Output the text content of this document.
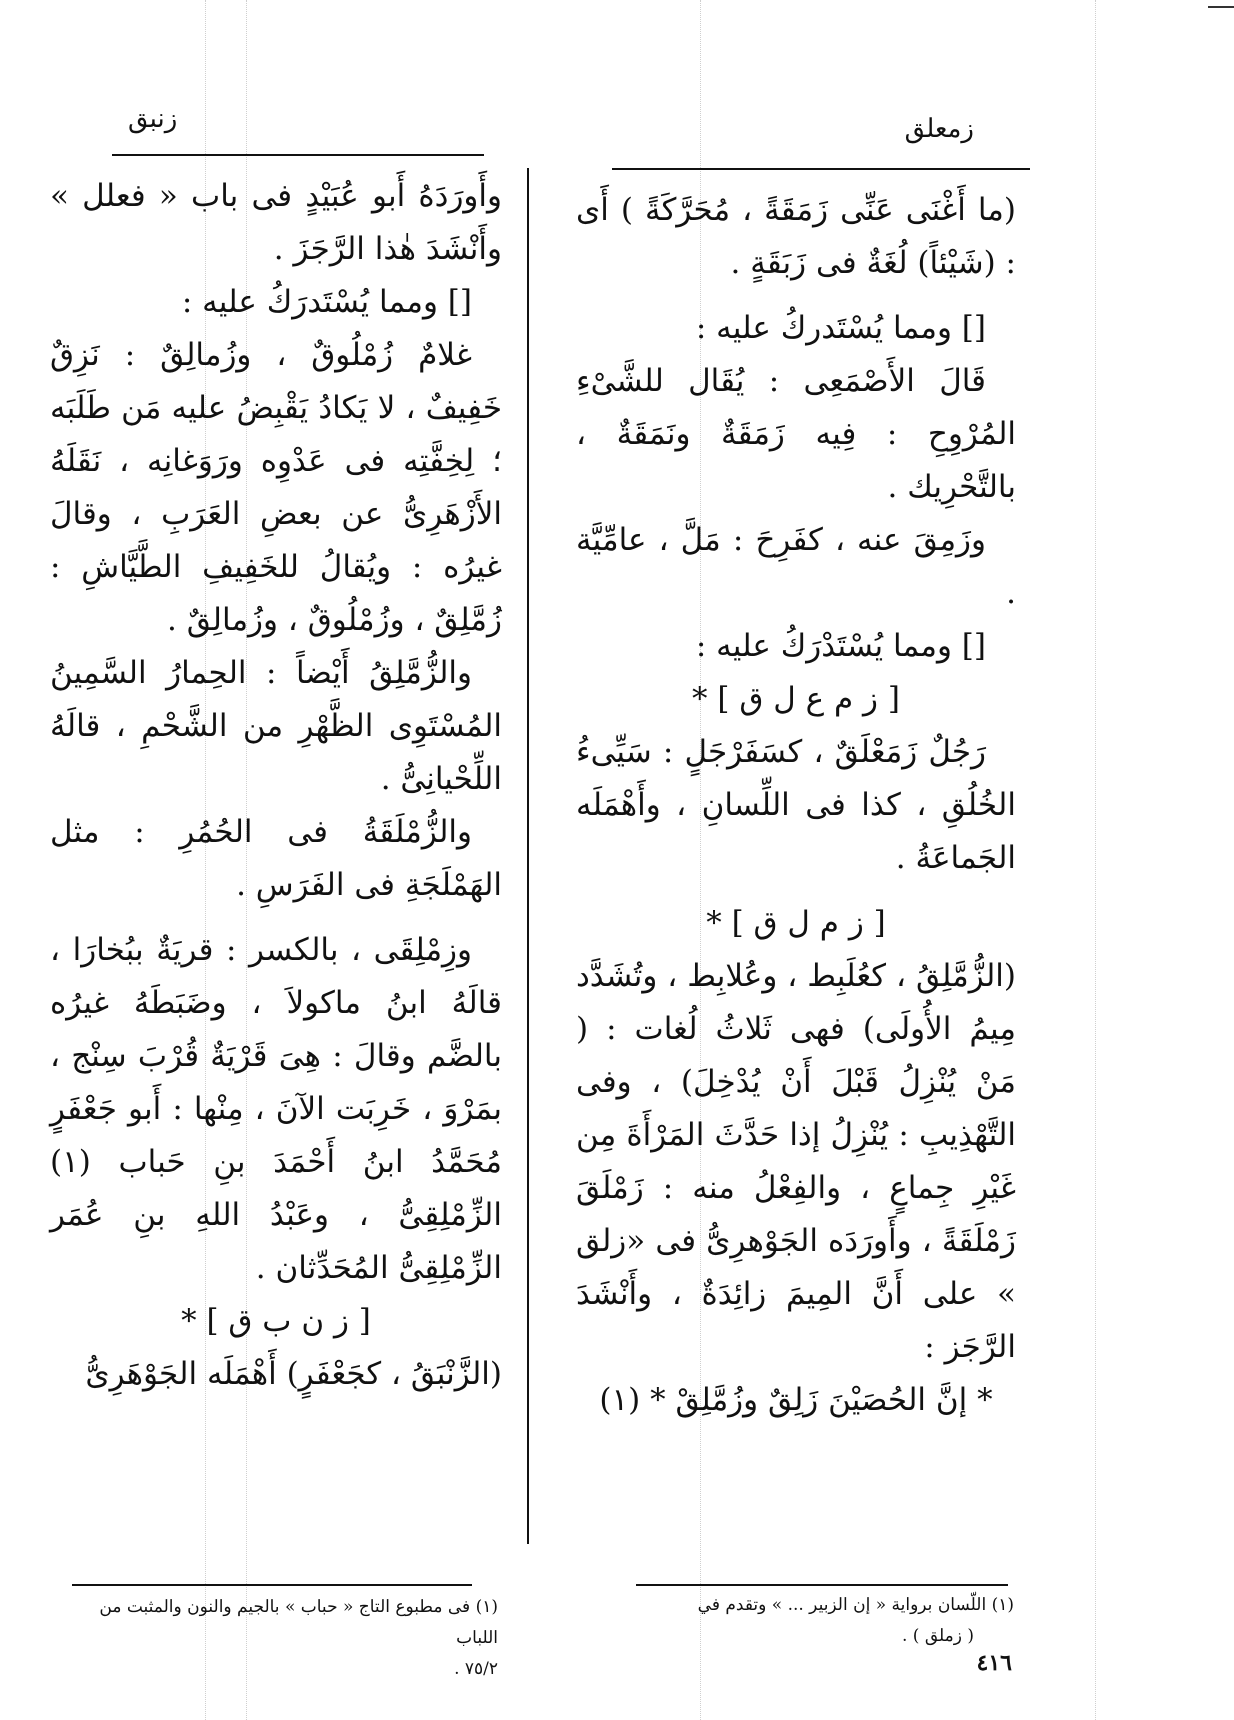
زمعلق
زنبق

(ما أَغْنَى عَنِّى زَمَقَةً ، مُحَرَّكَةً ) أَى : (شَيْئاً) لُغَةٌ فى زَبَقَةٍ .

[] ومما يُسْتَدركُ عليه :

قَالَ الأَصْمَعِى : يُقَال للشَّىْءِ المُرْوِحِ : فِيه زَمَقَةٌ ونَمَقَةٌ ، بالتَّحْرِيك .

وزَمِقَ عنه ، كفَرِحَ : مَلَّ ، عامِّيَّة .

[] ومما يُسْتَدْرَكُ عليه :

[ ز م ع ل ق ] *

رَجُلٌ زَمَعْلَقٌ ، كسَفَرْجَلٍ : سَيِّىءُ الخُلُقِ ، كذا فى اللِّسانِ ، وأَهْمَلَه الجَماعَةُ .

[ ز م ل ق ] *

(الزُّمَّلِقُ ، كعُلَبِط ، وعُلابِط ، وتُشَدَّد مِيمُ الأُولَى) فهى ثَلاثُ لُغات : ( مَنْ يُنْزِلُ قَبْلَ أَنْ يُدْخِلَ) ، وفى التَّهْذِيبِ : يُنْزِلُ إذا حَدَّثَ المَرْأَةَ مِن غَيْرِ جِماعٍ ، والفِعْلُ منه : زَمْلَقَ زَمْلَقَةً ، وأَورَدَه الجَوْهرِىُّ فى «زلق » على أَنَّ المِيمَ زائِدَةٌ ، وأَنْشَدَ الرَّجَز :

* إنَّ الحُصَيْنَ زَلِقٌ وزُمَّلِقْ * (١)

وأَورَدَهُ أَبو عُبَيْدٍ فى باب « فعلل » وأَنْشَدَ هٰذا الرَّجَزَ .

[] ومما يُسْتَدرَكُ عليه :

غلامٌ زُمْلُوقٌ ، وزُمالِقٌ : نَزِقٌ خَفِيفٌ ، لا يَكادُ يَقْبِضُ عليه مَن طَلَبَه ؛ لِخِفَّتِه فى عَدْوِه ورَوَغانِه ، نَقَلَهُ الأَزْهَرِىُّ عن بعضِ العَرَبِ ، وقالَ غيرُه : ويُقالُ للخَفِيفِ الطَّيَّاشِ : زُمَّلِقٌ ، وزُمْلُوقٌ ، وزُمالِقٌ .

والزُّمَّلِقُ أَيْضاً : الحِمارُ السَّمِينُ المُسْتَوِى الظَّهْرِ من الشَّحْمِ ، قالَهُ اللِّحْيانِىُّ .

والزُّمْلَقَةُ فى الحُمُرِ : مثل الهَمْلَجَةِ فى الفَرَسِ .

وزِمْلِقَى ، بالكسر : قريَةٌ ببُخارَا ، قالَهُ ابنُ ماكولاَ ، وضَبَطَهُ غيرُه بالضَّم وقالَ : هِىَ قَرْيَةٌ قُرْبَ سِنْج ، بمَرْوَ ، خَرِبَت الآنَ ، مِنْها : أَبو جَعْفَرٍ مُحَمَّدُ ابنُ أَحْمَدَ بنِ حَباب (١) الزِّمْلِقِىُّ ، وعَبْدُ اللهِ بنِ عُمَر الزِّمْلِقِىُّ المُحَدِّثان .

[ ز ن ب ق ] *

(الزَّنْبَقُ ، كجَعْفَرٍ) أَهْمَلَه الجَوْهَرِىُّ

(١) فى مطبوع التاج « حباب » بالجيم والنون والمثبت من اللباب
٧٥/٢ .
(١) اللّسان برواية « إن الزبير ... » وتقدم في
( زملق ) .
٤١٦
